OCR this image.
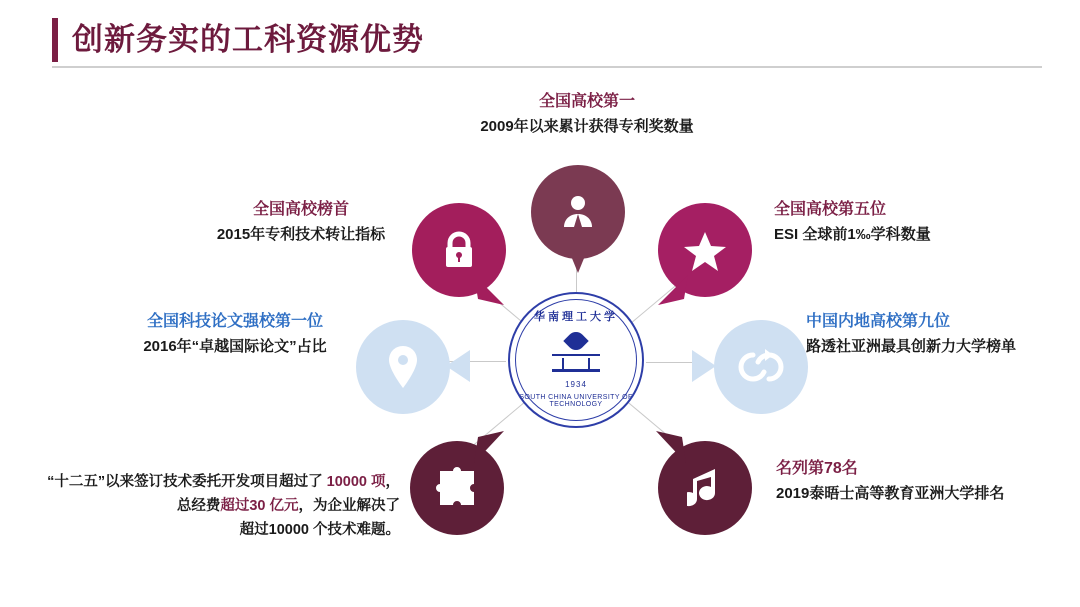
创新务实的工科资源优势
华南理工大学
1934
SOUTH CHINA UNIVERSITY OF TECHNOLOGY
全国高校第一
2009年以来累计获得专利奖数量
全国高校榜首
2015年专利技术转让指标
全国高校第五位
ESI 全球前1‰学科数量
全国科技论文强校第一位
2016年“卓越国际论文”占比
中国内地高校第九位
路透社亚洲最具创新力大学榜单
“十二五”以来签订技术委托开发项目超过了 10000 项，
总经费超过30 亿元，为企业解决了
超过10000 个技术难题。
名列第78名
2019泰晤士高等教育亚洲大学排名
